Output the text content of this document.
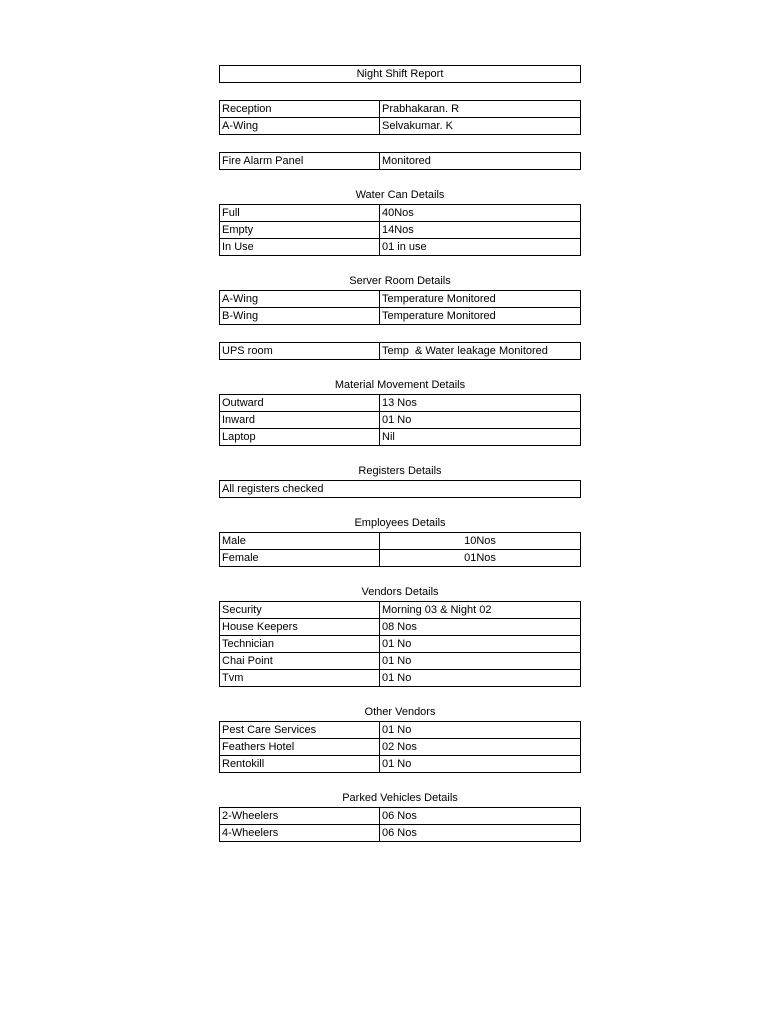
Night Shift Report
Reception	Prabhakaran. R
A-Wing	Selvakumar. K
Fire Alarm Panel	Monitored
Water Can Details
Full	40Nos
Empty	14Nos
In Use	01 in use
Server Room Details
A-Wing	Temperature Monitored
B-Wing	Temperature Monitored
UPS room	Temp  & Water leakage Monitored
Material Movement Details
Outward	13 Nos
Inward	01 No
Laptop	Nil
Registers Details
All registers checked
Employees Details
Male	10Nos
Female	01Nos
Vendors Details
Security	Morning 03 & Night 02
House Keepers	08 Nos
Technician	01 No
Chai Point	01 No
Tvm	01 No
Other Vendors
Pest Care Services	01 No
Feathers Hotel	02 Nos
Rentokill	01 No
Parked Vehicles Details
2-Wheelers	06 Nos
4-Wheelers	06 Nos
